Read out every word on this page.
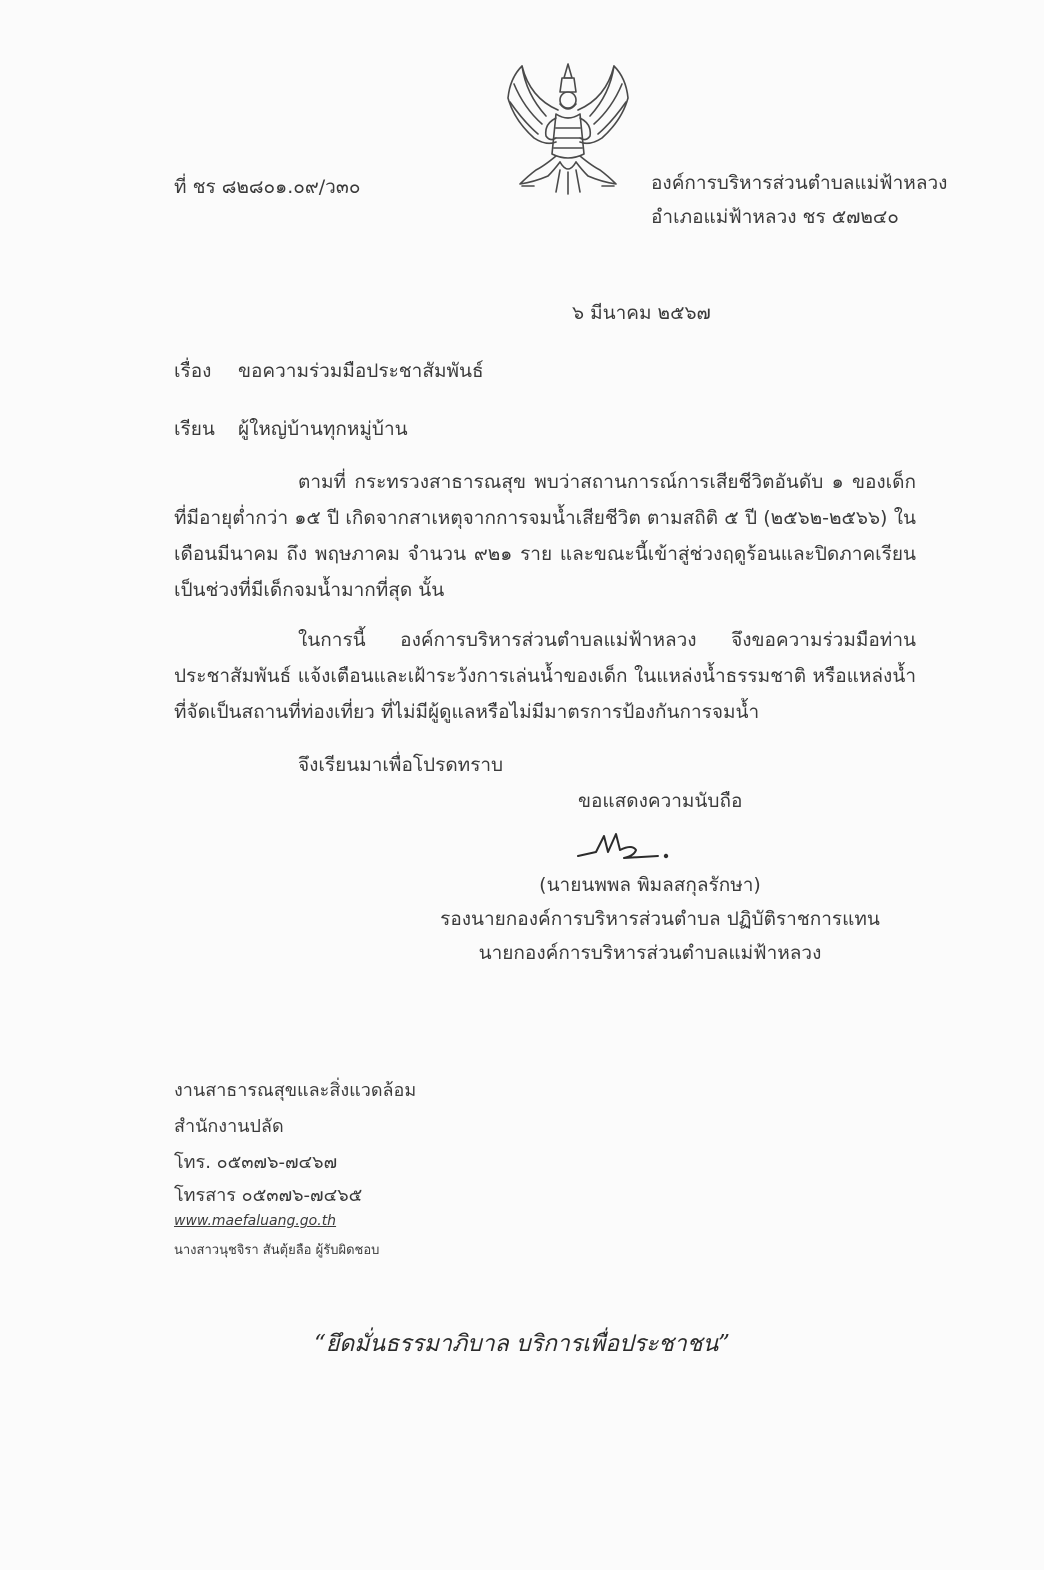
ที่ ชร ๘๒๘๐๑.๐๙/ว๓๐	องค์การบริหารส่วนตำบลแม่ฟ้าหลวง
อำเภอแม่ฟ้าหลวง ชร ๕๗๒๔๐
๖ มีนาคม ๒๕๖๗
เรื่อง ขอความร่วมมือประชาสัมพันธ์
เรียน ผู้ใหญ่บ้านทุกหมู่บ้าน
ตามที่ กระทรวงสาธารณสุข พบว่าสถานการณ์การเสียชีวิตอันดับ ๑ ของเด็กที่มีอายุต่ำกว่า ๑๕ ปี เกิดจากสาเหตุจากการจมน้ำเสียชีวิต ตามสถิติ ๕ ปี (๒๕๖๒-๒๕๖๖) ในเดือนมีนาคม ถึง พฤษภาคม จำนวน ๙๒๑ ราย และขณะนี้เข้าสู่ช่วงฤดูร้อนและปิดภาคเรียน เป็นช่วงที่มีเด็กจมน้ำมากที่สุด นั้น
ในการนี้ องค์การบริหารส่วนตำบลแม่ฟ้าหลวง จึงขอความร่วมมือท่านประชาสัมพันธ์ แจ้งเตือนและเฝ้าระวังการเล่นน้ำของเด็ก ในแหล่งน้ำธรรมชาติ หรือแหล่งน้ำที่จัดเป็นสถานที่ท่องเที่ยว ที่ไม่มีผู้ดูแลหรือไม่มีมาตรการป้องกันการจมน้ำ
จึงเรียนมาเพื่อโปรดทราบ
ขอแสดงความนับถือ
(นายนพพล พิมลสกุลรักษา)
รองนายกองค์การบริหารส่วนตำบล ปฏิบัติราชการแทน
นายกองค์การบริหารส่วนตำบลแม่ฟ้าหลวง
งานสาธารณสุขและสิ่งแวดล้อม
สำนักงานปลัด
โทร. ๐๕๓๗๖-๗๔๖๗
โทรสาร ๐๕๓๗๖-๗๔๖๕
www.maefaluang.go.th
นางสาวนุชจิรา สันตุ้ยลือ ผู้รับผิดชอบ
“ยึดมั่นธรรมาภิบาล บริการเพื่อประชาชน”
